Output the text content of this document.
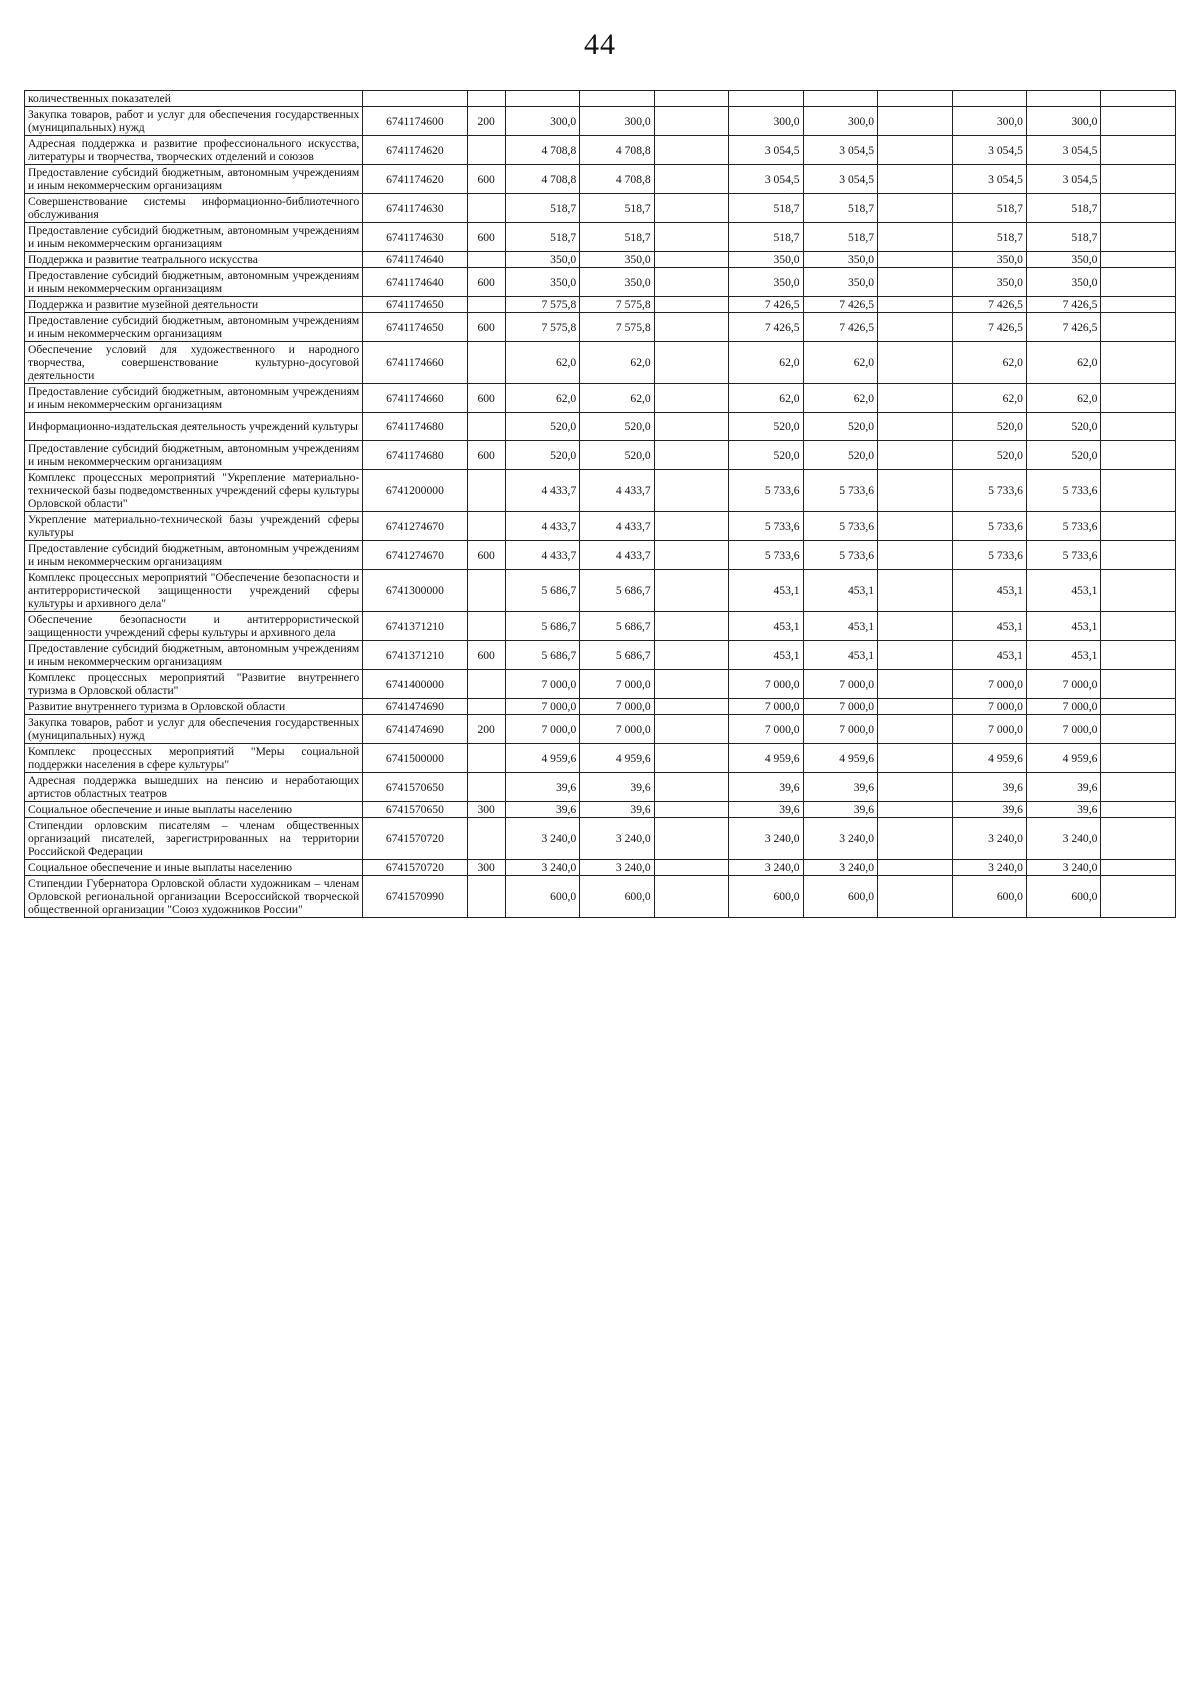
44
количественных показателей											
Закупка товаров, работ и услуг для обеспечения государственных (муниципальных) нужд	6741174600	200	300,0	300,0		300,0	300,0		300,0	300,0	
Адресная поддержка и развитие профессионального искусства, литературы и творчества, творческих отделений и союзов	6741174620		4 708,8	4 708,8		3 054,5	3 054,5		3 054,5	3 054,5	
Предоставление субсидий бюджетным, автономным учреждениям и иным некоммерческим организациям	6741174620	600	4 708,8	4 708,8		3 054,5	3 054,5		3 054,5	3 054,5	
Совершенствование системы информационно-библиотечного обслуживания	6741174630		518,7	518,7		518,7	518,7		518,7	518,7	
Предоставление субсидий бюджетным, автономным учреждениям и иным некоммерческим организациям	6741174630	600	518,7	518,7		518,7	518,7		518,7	518,7	
Поддержка и развитие театрального искусства	6741174640		350,0	350,0		350,0	350,0		350,0	350,0	
Предоставление субсидий бюджетным, автономным учреждениям и иным некоммерческим организациям	6741174640	600	350,0	350,0		350,0	350,0		350,0	350,0	
Поддержка и развитие музейной деятельности	6741174650		7 575,8	7 575,8		7 426,5	7 426,5		7 426,5	7 426,5	
Предоставление субсидий бюджетным, автономным учреждениям и иным некоммерческим организациям	6741174650	600	7 575,8	7 575,8		7 426,5	7 426,5		7 426,5	7 426,5	
Обеспечение условий для художественного и народного творчества, совершенствование культурно-досуговой деятельности	6741174660		62,0	62,0		62,0	62,0		62,0	62,0	
Предоставление субсидий бюджетным, автономным учреждениям и иным некоммерческим организациям	6741174660	600	62,0	62,0		62,0	62,0		62,0	62,0	
Информационно-издательская деятельность учреждений культуры	6741174680		520,0	520,0		520,0	520,0		520,0	520,0	
Предоставление субсидий бюджетным, автономным учреждениям и иным некоммерческим организациям	6741174680	600	520,0	520,0		520,0	520,0		520,0	520,0	
Комплекс процессных мероприятий "Укрепление материально-технической базы подведомственных учреждений сферы культуры Орловской области"	6741200000		4 433,7	4 433,7		5 733,6	5 733,6		5 733,6	5 733,6	
Укрепление материально-технической базы учреждений сферы культуры	6741274670		4 433,7	4 433,7		5 733,6	5 733,6		5 733,6	5 733,6	
Предоставление субсидий бюджетным, автономным учреждениям и иным некоммерческим организациям	6741274670	600	4 433,7	4 433,7		5 733,6	5 733,6		5 733,6	5 733,6	
Комплекс процессных мероприятий "Обеспечение безопасности и антитеррористической защищенности учреждений сферы культуры и архивного дела"	6741300000		5 686,7	5 686,7		453,1	453,1		453,1	453,1	
Обеспечение безопасности и антитеррористической защищенности учреждений сферы культуры и архивного дела	6741371210		5 686,7	5 686,7		453,1	453,1		453,1	453,1	
Предоставление субсидий бюджетным, автономным учреждениям и иным некоммерческим организациям	6741371210	600	5 686,7	5 686,7		453,1	453,1		453,1	453,1	
Комплекс процессных мероприятий "Развитие внутреннего туризма в Орловской области"	6741400000		7 000,0	7 000,0		7 000,0	7 000,0		7 000,0	7 000,0	
Развитие внутреннего туризма в Орловской области	6741474690		7 000,0	7 000,0		7 000,0	7 000,0		7 000,0	7 000,0	
Закупка товаров, работ и услуг для обеспечения государственных (муниципальных) нужд	6741474690	200	7 000,0	7 000,0		7 000,0	7 000,0		7 000,0	7 000,0	
Комплекс процессных мероприятий "Меры социальной поддержки населения в сфере культуры"	6741500000		4 959,6	4 959,6		4 959,6	4 959,6		4 959,6	4 959,6	
Адресная поддержка вышедших на пенсию и неработающих артистов областных театров	6741570650		39,6	39,6		39,6	39,6		39,6	39,6	
Социальное обеспечение и иные выплаты населению	6741570650	300	39,6	39,6		39,6	39,6		39,6	39,6	
Стипендии орловским писателям – членам общественных организаций писателей, зарегистрированных на территории Российской Федерации	6741570720		3 240,0	3 240,0		3 240,0	3 240,0		3 240,0	3 240,0	
Социальное обеспечение и иные выплаты населению	6741570720	300	3 240,0	3 240,0		3 240,0	3 240,0		3 240,0	3 240,0	
Стипендии Губернатора Орловской области художникам – членам Орловской региональной организации Всероссийской творческой общественной организации "Союз художников России"	6741570990		600,0	600,0		600,0	600,0		600,0	600,0	
